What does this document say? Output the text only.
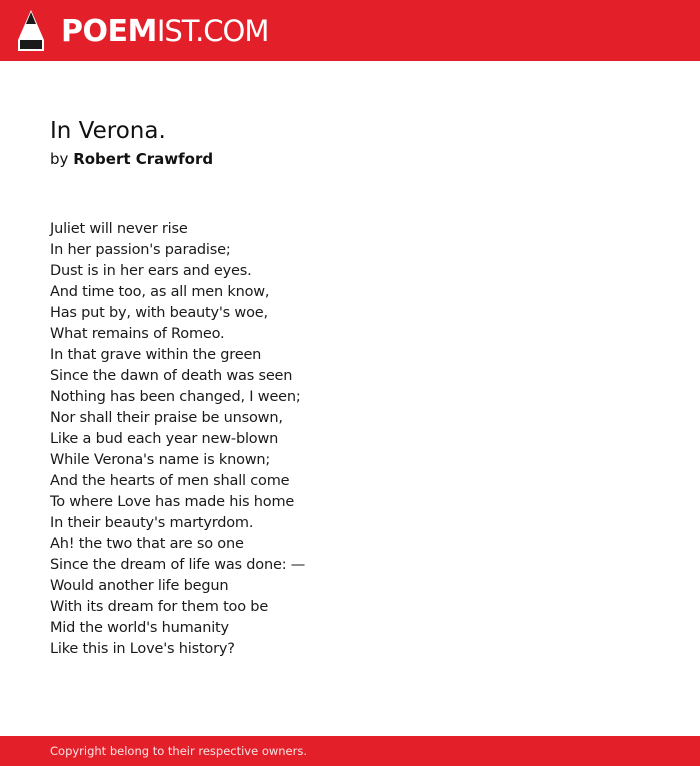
POEMIST.COM
In Verona.
by Robert Crawford
Juliet will never rise
In her passion's paradise;
Dust is in her ears and eyes.
And time too, as all men know,
Has put by, with beauty's woe,
What remains of Romeo.
In that grave within the green
Since the dawn of death was seen
Nothing has been changed, I ween;
Nor shall their praise be unsown,
Like a bud each year new-blown
While Verona's name is known;
And the hearts of men shall come
To where Love has made his home
In their beauty's martyrdom.
Ah! the two that are so one
Since the dream of life was done: —
Would another life begun
With its dream for them too be
Mid the world's humanity
Like this in Love's history?
Copyright belong to their respective owners.
